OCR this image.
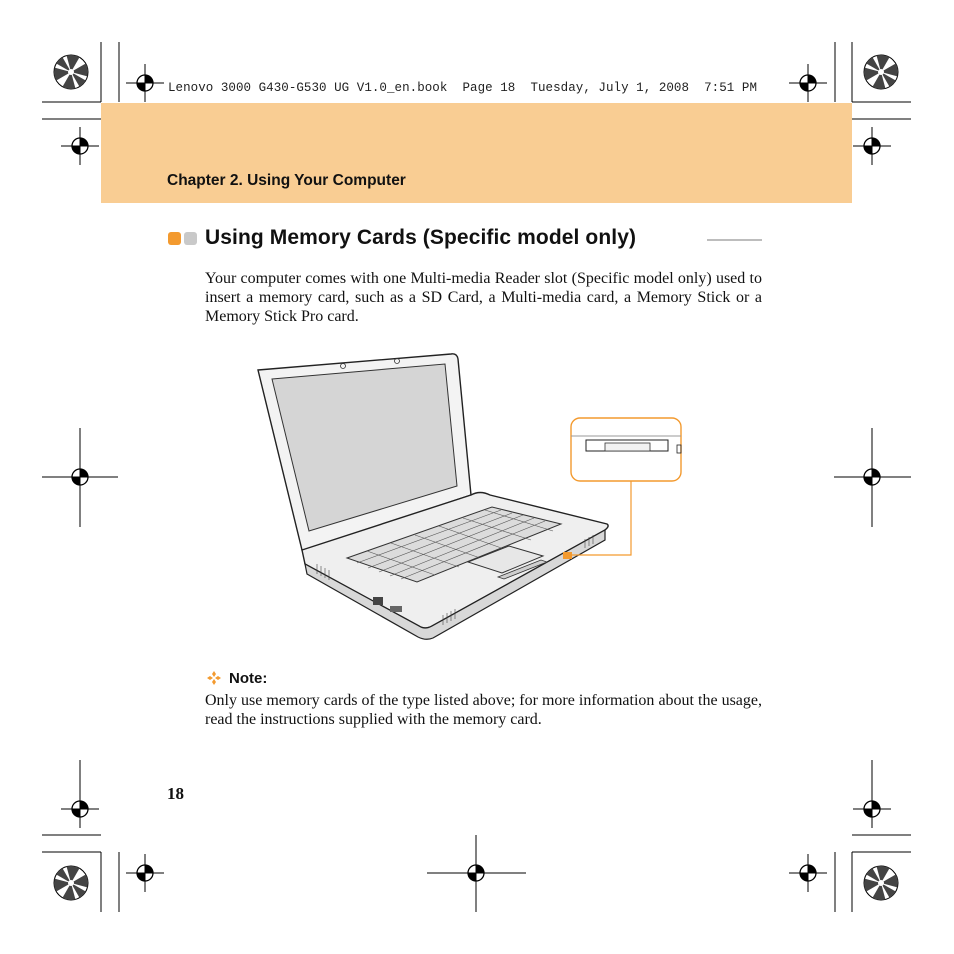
Lenovo 3000 G430-G530 UG V1.0_en.book  Page 18  Tuesday, July 1, 2008  7:51 PM
Chapter 2. Using Your Computer
Using Memory Cards (Specific model only)
Your computer comes with one Multi-media Reader slot (Specific model only) used to insert a memory card, such as a SD Card, a Multi-media card, a Memory Stick or a Memory Stick Pro card.
Note:
Only use memory cards of the type listed above; for more information about the usage, read the instructions supplied with the memory card.
18
